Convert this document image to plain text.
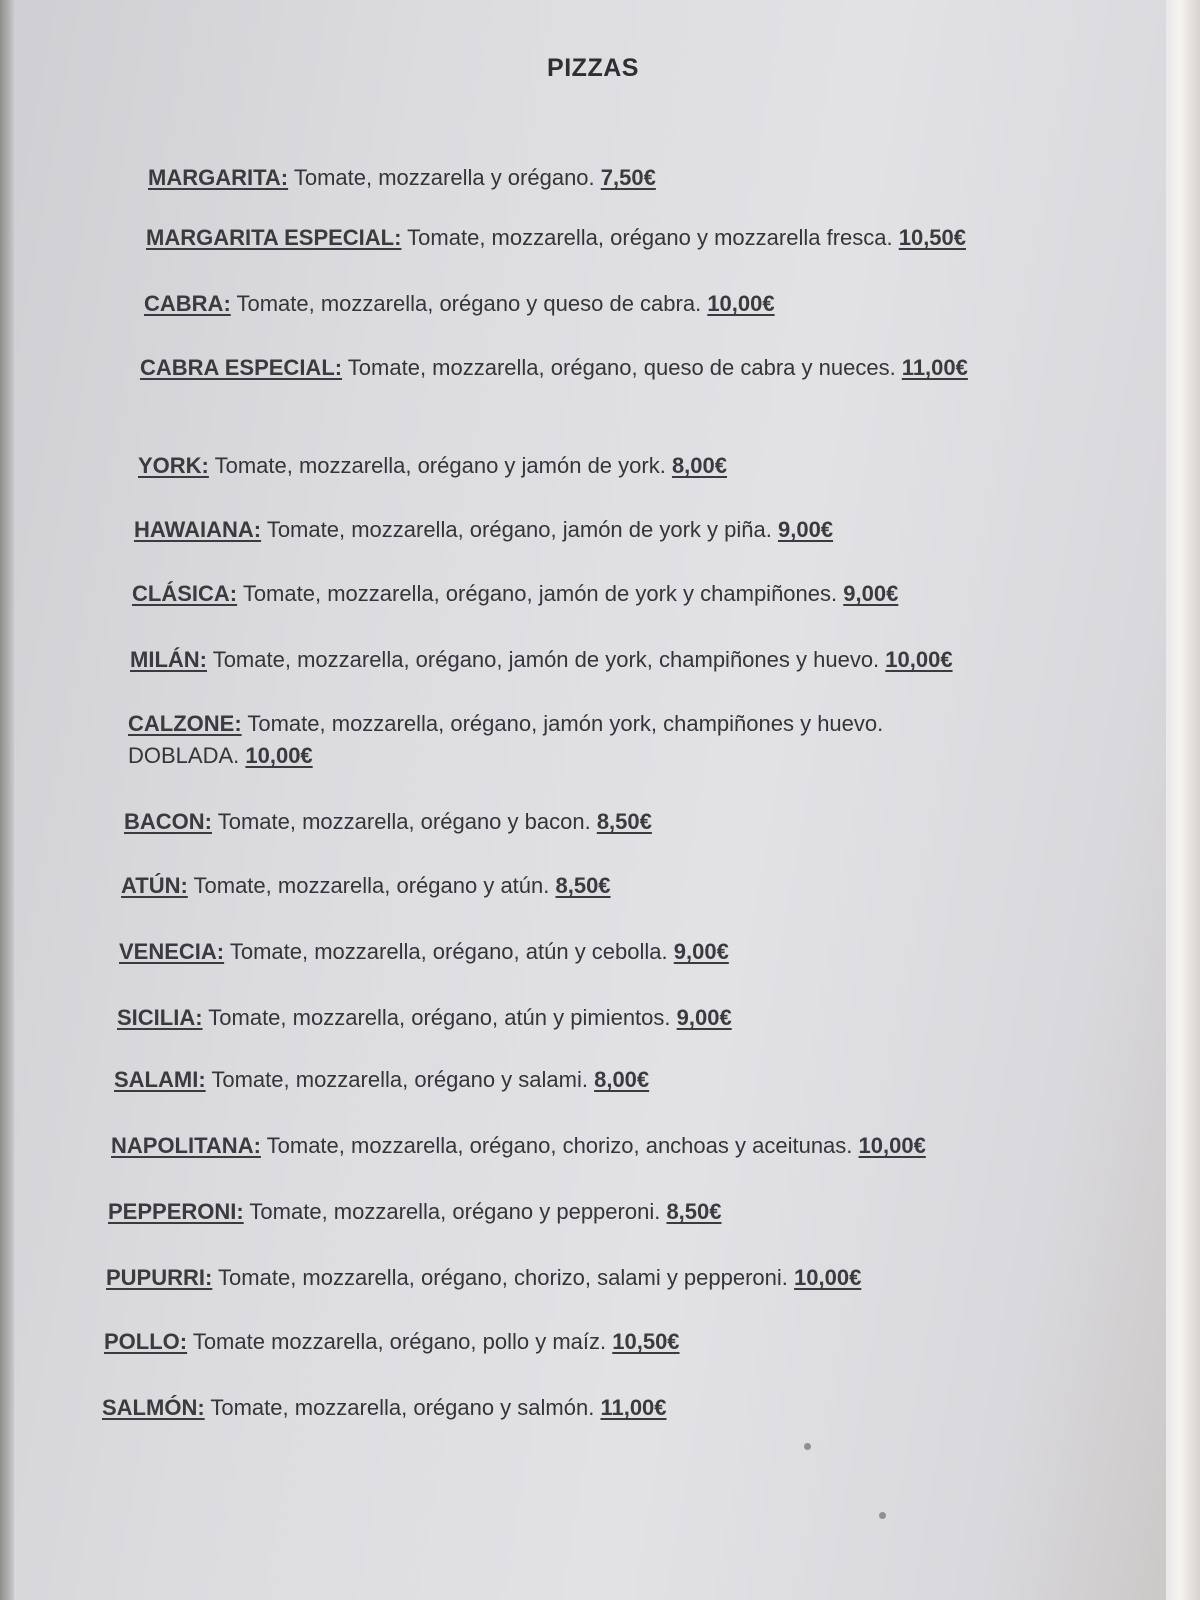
PIZZAS
MARGARITA: Tomate, mozzarella y orégano. 7,50€
MARGARITA ESPECIAL: Tomate, mozzarella, orégano y mozzarella fresca. 10,50€
CABRA: Tomate, mozzarella, orégano y queso de cabra. 10,00€
CABRA ESPECIAL: Tomate, mozzarella, orégano, queso de cabra y nueces. 11,00€
YORK: Tomate, mozzarella, orégano y jamón de york. 8,00€
HAWAIANA: Tomate, mozzarella, orégano, jamón de york y piña. 9,00€
CLÁSICA: Tomate, mozzarella, orégano, jamón de york y champiñones. 9,00€
MILÁN: Tomate, mozzarella, orégano, jamón de york, champiñones y huevo. 10,00€
CALZONE: Tomate, mozzarella, orégano, jamón york, champiñones y huevo. DOBLADA. 10,00€
BACON: Tomate, mozzarella, orégano y bacon. 8,50€
ATÚN: Tomate, mozzarella, orégano y atún. 8,50€
VENECIA: Tomate, mozzarella, orégano, atún y cebolla. 9,00€
SICILIA: Tomate, mozzarella, orégano, atún y pimientos. 9,00€
SALAMI: Tomate, mozzarella, orégano y salami. 8,00€
NAPOLITANA: Tomate, mozzarella, orégano, chorizo, anchoas y aceitunas. 10,00€
PEPPERONI: Tomate, mozzarella, orégano y pepperoni. 8,50€
PUPURRI: Tomate, mozzarella, orégano, chorizo, salami y pepperoni. 10,00€
POLLO: Tomate mozzarella, orégano, pollo y maíz. 10,50€
SALMÓN: Tomate, mozzarella, orégano y salmón. 11,00€
